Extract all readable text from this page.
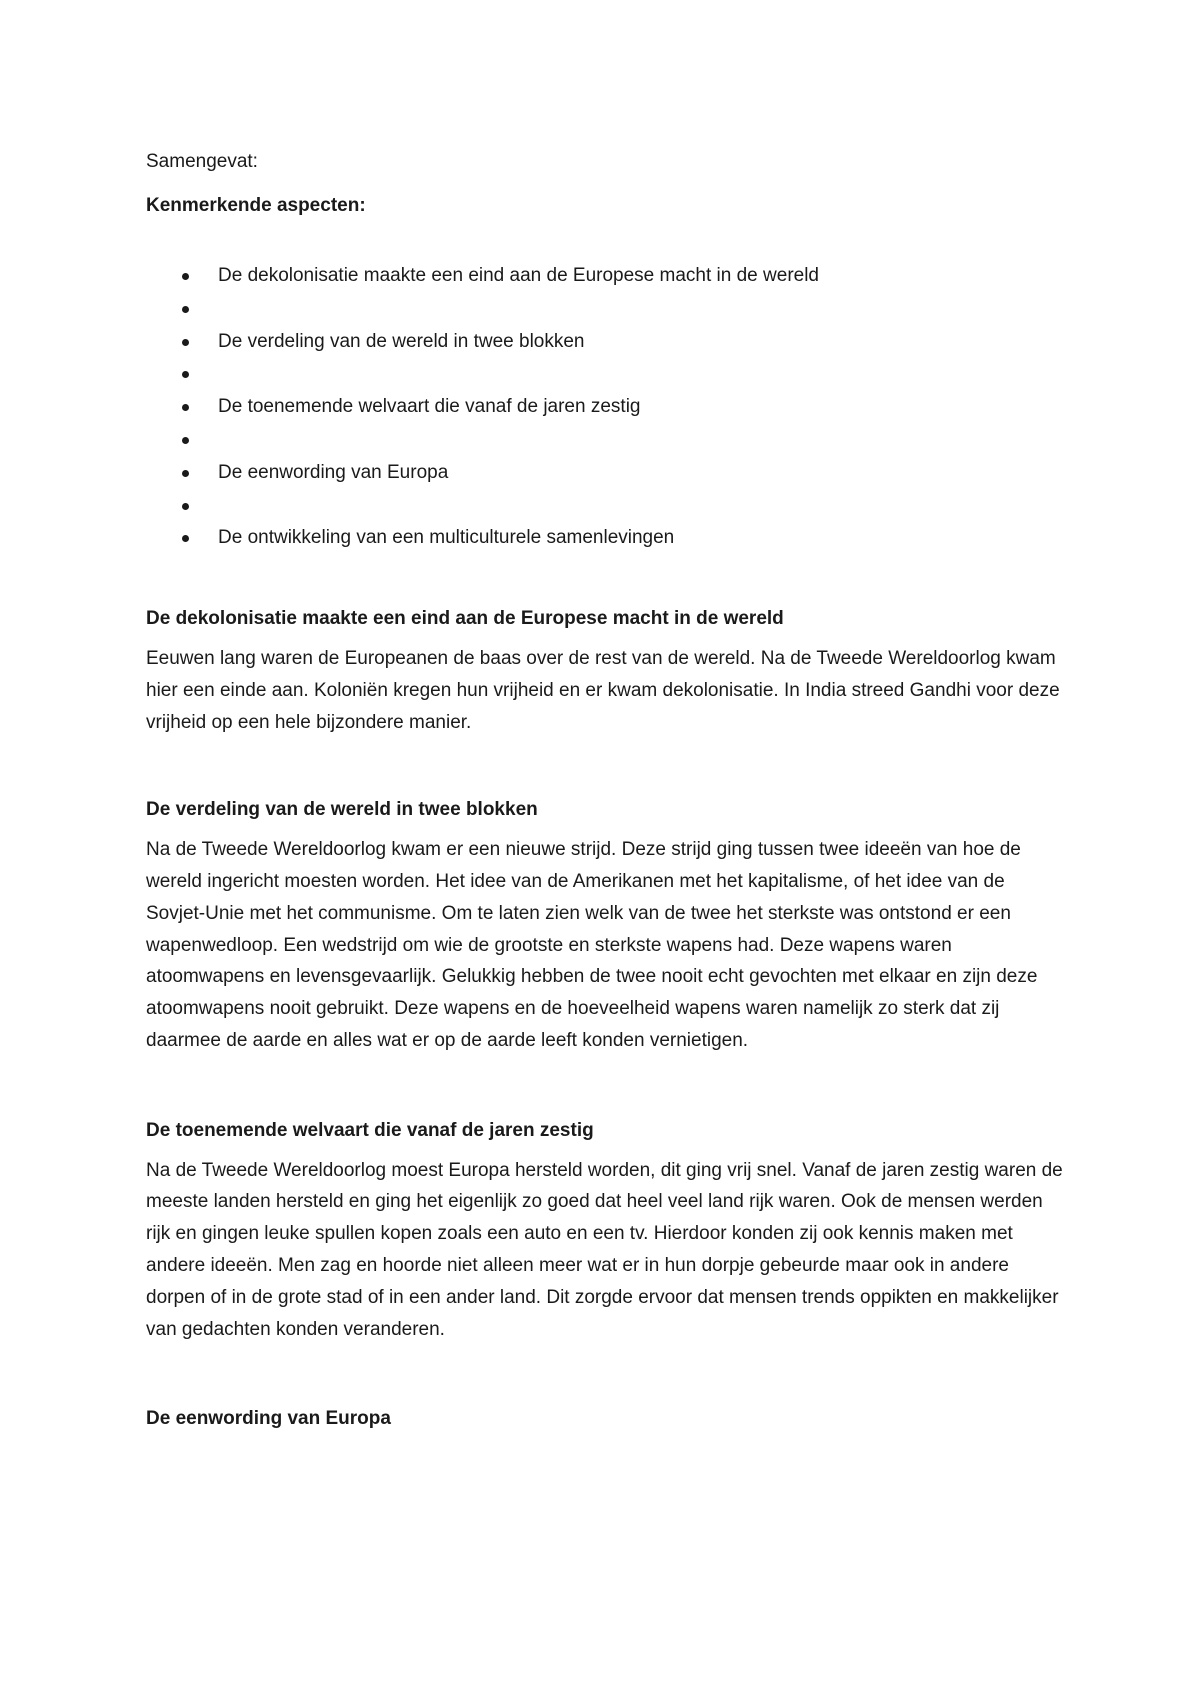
Samengevat:

Kenmerkende aspecten:

De dekolonisatie maakte een eind aan de Europese macht in de wereld
De verdeling van de wereld in twee blokken
De toenemende welvaart die vanaf de jaren zestig
De eenwording van Europa
De ontwikkeling van een multiculturele samenlevingen

De dekolonisatie maakte een eind aan de Europese macht in de wereld

Eeuwen lang waren de Europeanen de baas over de rest van de wereld. Na de Tweede Wereldoorlog kwam hier een einde aan. Koloniën kregen hun vrijheid en er kwam dekolonisatie. In India streed Gandhi voor deze vrijheid op een hele bijzondere manier.

De verdeling van de wereld in twee blokken

Na de Tweede Wereldoorlog kwam er een nieuwe strijd. Deze strijd ging tussen twee ideeën van hoe de wereld ingericht moesten worden. Het idee van de Amerikanen met het kapitalisme, of het idee van de Sovjet-Unie met het communisme. Om te laten zien welk van de twee het sterkste was ontstond er een wapenwedloop. Een wedstrijd om wie de grootste en sterkste wapens had. Deze wapens waren atoomwapens en levensgevaarlijk. Gelukkig hebben de twee nooit echt gevochten met elkaar en zijn deze atoomwapens nooit gebruikt. Deze wapens en de hoeveelheid wapens waren namelijk zo sterk dat zij daarmee de aarde en alles wat er op de aarde leeft konden vernietigen.

De toenemende welvaart die vanaf de jaren zestig

Na de Tweede Wereldoorlog moest Europa hersteld worden, dit ging vrij snel. Vanaf de jaren zestig waren de meeste landen hersteld en ging het eigenlijk zo goed dat heel veel land rijk waren. Ook de mensen werden rijk en gingen leuke spullen kopen zoals een auto en een tv. Hierdoor konden zij ook kennis maken met andere ideeën. Men zag en hoorde niet alleen meer wat er in hun dorpje gebeurde maar ook in andere dorpen of in de grote stad of in een ander land. Dit zorgde ervoor dat mensen trends oppikten en makkelijker van gedachten konden veranderen.

De eenwording van Europa
